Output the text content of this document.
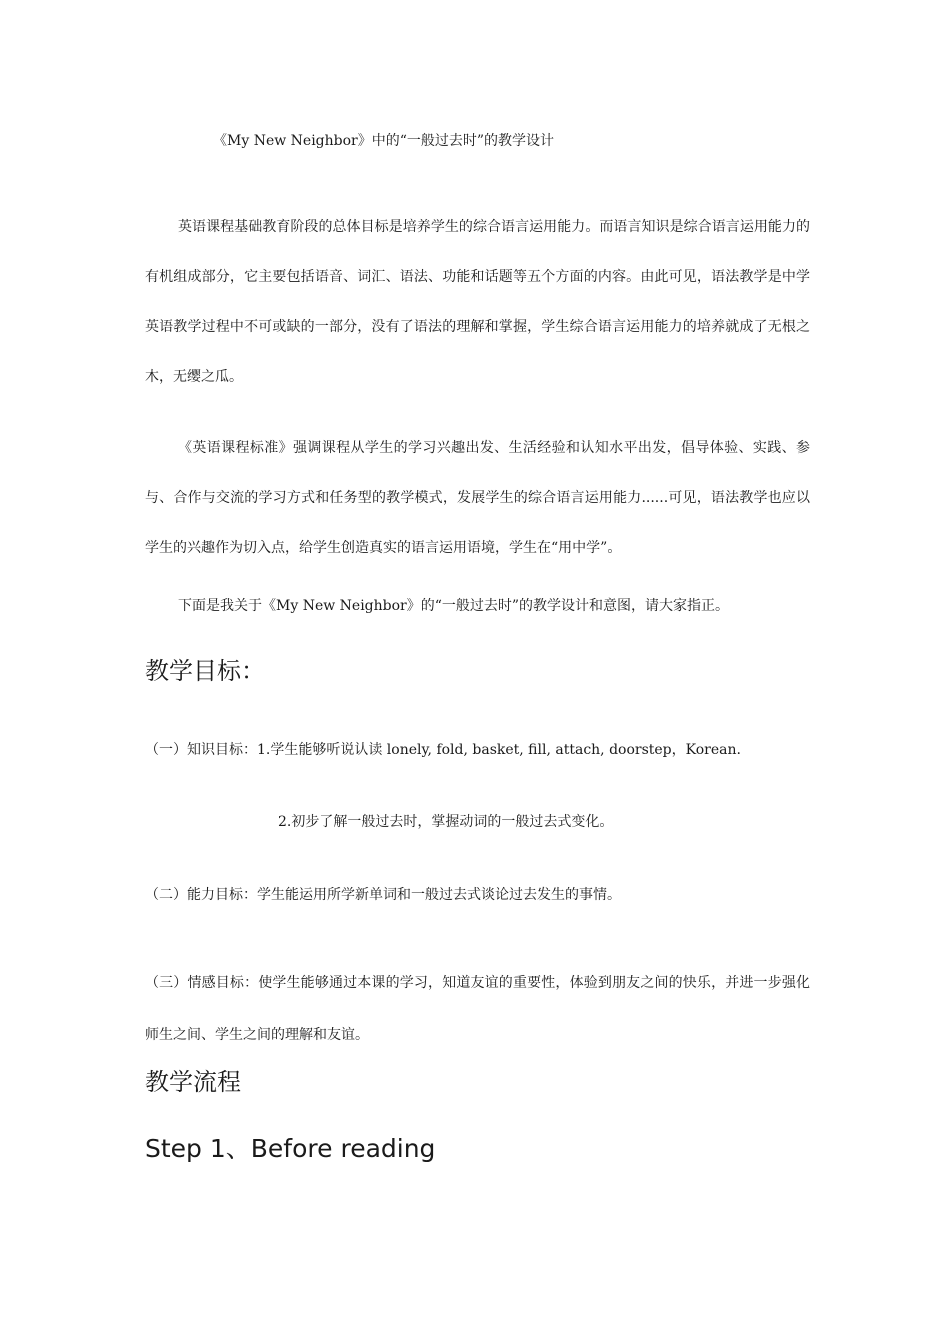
《My New Neighbor》中的“一般过去时”的教学设计
英语课程基础教育阶段的总体目标是培养学生的综合语言运用能力。而语言知识是综合语言运用能力的有机组成部分，它主要包括语音、词汇、语法、功能和话题等五个方面的内容。由此可见，语法教学是中学英语教学过程中不可或缺的一部分，没有了语法的理解和掌握，学生综合语言运用能力的培养就成了无根之木，无缨之瓜。
《英语课程标准》强调课程从学生的学习兴趣出发、生活经验和认知水平出发，倡导体验、实践、参与、合作与交流的学习方式和任务型的教学模式，发展学生的综合语言运用能力......可见，语法教学也应以学生的兴趣作为切入点，给学生创造真实的语言运用语境，学生在“用中学”。
下面是我关于《My New Neighbor》的“一般过去时”的教学设计和意图，请大家指正。
教学目标：
（一）知识目标：1.学生能够听说认读 lonely, fold, basket, fill, attach, doorstep，Korean.
2.初步了解一般过去时，掌握动词的一般过去式变化。
（二）能力目标：学生能运用所学新单词和一般过去式谈论过去发生的事情。
（三）情感目标：使学生能够通过本课的学习，知道友谊的重要性，体验到朋友之间的快乐，并进一步强化师生之间、学生之间的理解和友谊。
教学流程
Step 1、Before reading
